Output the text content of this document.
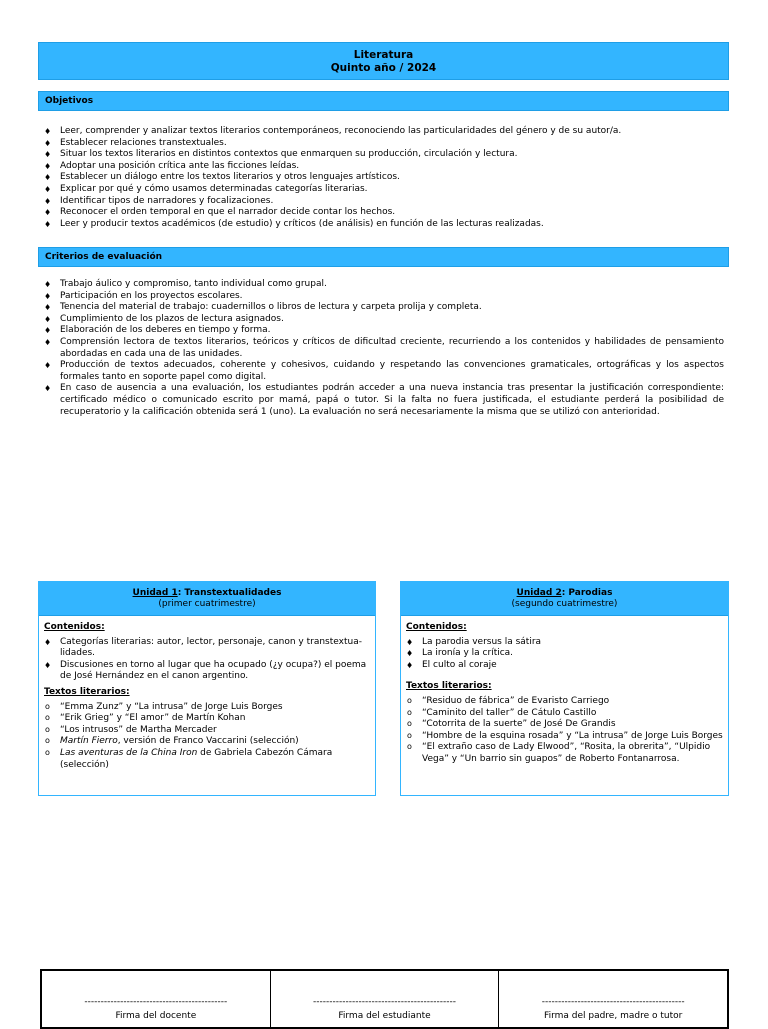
Literatura
Quinto año / 2024
Objetivos
♦ Leer, comprender y analizar textos literarios contemporáneos, reconociendo las particularidades del género y de su autor/a.
♦ Establecer relaciones transtextuales.
♦ Situar los textos literarios en distintos contextos que enmarquen su producción, circulación y lectura.
♦ Adoptar una posición crítica ante las ficciones leídas.
♦ Establecer un diálogo entre los textos literarios y otros lenguajes artísticos.
♦ Explicar por qué y cómo usamos determinadas categorías literarias.
♦ Identificar tipos de narradores y focalizaciones.
♦ Reconocer el orden temporal en que el narrador decide contar los hechos.
♦ Leer y producir textos académicos (de estudio) y críticos (de análisis) en función de las lecturas realizadas.
Criterios de evaluación
♦ Trabajo áulico y compromiso, tanto individual como grupal.
♦ Participación en los proyectos escolares.
♦ Tenencia del material de trabajo: cuadernillos o libros de lectura y carpeta prolija y completa.
♦ Cumplimiento de los plazos de lectura asignados.
♦ Elaboración de los deberes en tiempo y forma.
♦ Comprensión lectora de textos literarios, teóricos y críticos de dificultad creciente, recurriendo a los contenidos y habilidades de pensamiento abordadas en cada una de las unidades.
♦ Producción de textos adecuados, coherente y cohesivos, cuidando y respetando las convenciones gramaticales, ortográficas y los aspectos formales tanto en soporte papel como digital.
♦ En caso de ausencia a una evaluación, los estudiantes podrán acceder a una nueva instancia tras presentar la justificación correspondiente: certificado médico o comunicado escrito por mamá, papá o tutor. Si la falta no fuera justificada, el estudiante perderá la posibilidad de recuperatorio y la calificación obtenida será 1 (uno). La evaluación no será necesariamente la misma que se utilizó con anterioridad.
Unidad 1: Transtextualidades
(primer cuatrimestre)
Contenidos:
♦ Categorías literarias: autor, lector, personaje, canon y transtextua-lidades.
♦ Discusiones en torno al lugar que ha ocupado (¿y ocupa?) el poema de José Hernández en el canon argentino.
Textos literarios:
o “Emma Zunz” y “La intrusa” de Jorge Luis Borges
o “Erik Grieg” y “El amor” de Martín Kohan
o “Los intrusos” de Martha Mercader
o Martín Fierro, versión de Franco Vaccarini (selección)
o Las aventuras de la China Iron de Gabriela Cabezón Cámara (selección)
Unidad 2: Parodias
(segundo cuatrimestre)
Contenidos:
♦ La parodia versus la sátira
♦ La ironía y la crítica.
♦ El culto al coraje
Textos literarios:
o “Residuo de fábrica” de Evaristo Carriego
o “Caminito del taller” de Cátulo Castillo
o “Cotorrita de la suerte” de José De Grandis
o “Hombre de la esquina rosada” y “La intrusa” de Jorge Luis Borges
o “El extraño caso de Lady Elwood”, “Rosita, la obrerita”, “Ulpidio Vega” y “Un barrio sin guapos” de Roberto Fontanarrosa.
--------------------------------------------
Firma del docente
--------------------------------------------
Firma del estudiante
--------------------------------------------
Firma del padre, madre o tutor
